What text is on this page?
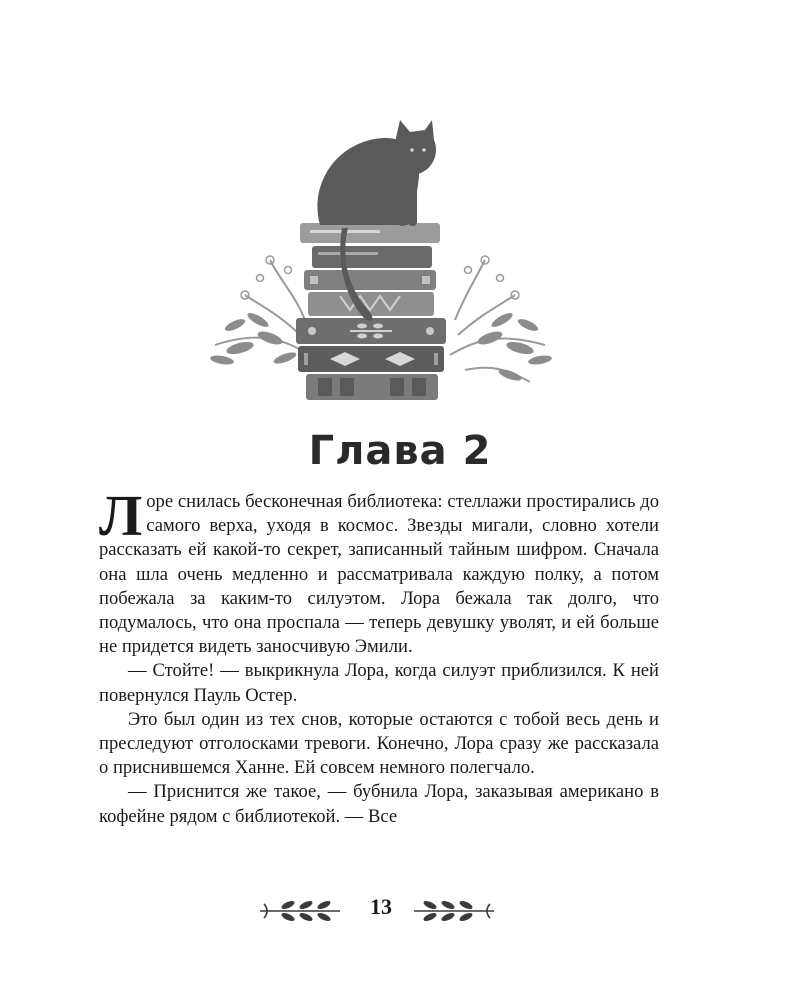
Глава 2

Лоре снилась бесконечная библиотека: стеллажи простирались до самого верха, уходя в космос. Звезды мигали, словно хотели рассказать ей какой-то секрет, записанный тайным шифром. Сначала она шла очень медленно и рассматривала каждую полку, а потом побежала за каким-то силуэтом. Лора бежала так долго, что подумалось, что она проспала — теперь девушку уволят, и ей больше не придется видеть заносчивую Эмили.

— Стойте! — выкрикнула Лора, когда силуэт приблизился. К ней повернулся Пауль Остер.

Это был один из тех снов, которые остаются с тобой весь день и преследуют отголосками тревоги. Конечно, Лора сразу же рассказала о приснившемся Ханне. Ей совсем немного полегчало.

— Приснится же такое, — бубнила Лора, заказывая американо в кофейне рядом с библиотекой. — Все

13
